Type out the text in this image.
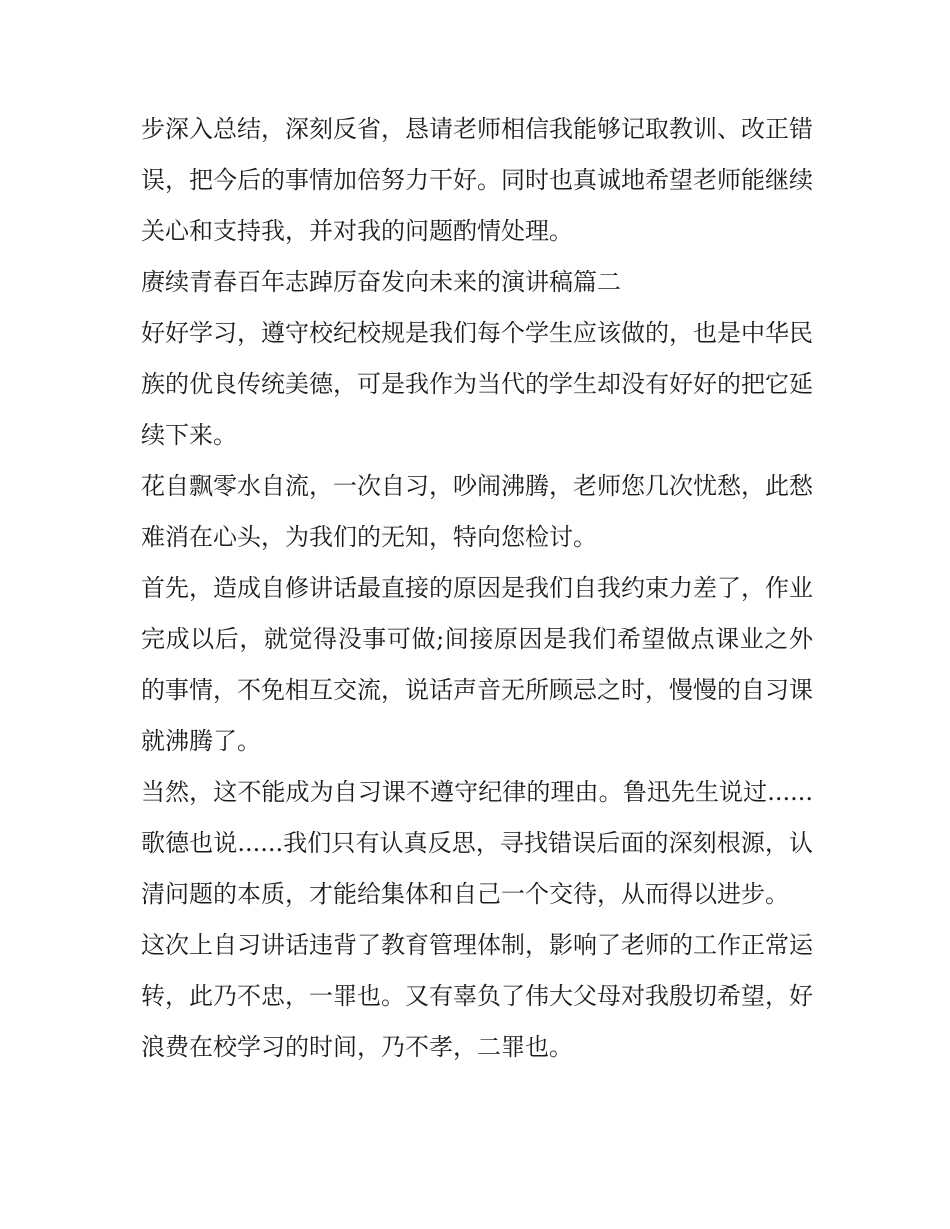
步深入总结，深刻反省，恳请老师相信我能够记取教训、改正错误，把今后的事情加倍努力干好。同时也真诚地希望老师能继续关心和支持我，并对我的问题酌情处理。

赓续青春百年志踔厉奋发向未来的演讲稿篇二

好好学习，遵守校纪校规是我们每个学生应该做的，也是中华民族的优良传统美德，可是我作为当代的学生却没有好好的把它延续下来。

花自飘零水自流，一次自习，吵闹沸腾，老师您几次忧愁，此愁难消在心头，为我们的无知，特向您检讨。

首先，造成自修讲话最直接的原因是我们自我约束力差了，作业完成以后，就觉得没事可做;间接原因是我们希望做点课业之外的事情，不免相互交流，说话声音无所顾忌之时，慢慢的自习课就沸腾了。

当然，这不能成为自习课不遵守纪律的理由。鲁迅先生说过......歌德也说......我们只有认真反思，寻找错误后面的深刻根源，认清问题的本质，才能给集体和自己一个交待，从而得以进步。

这次上自习讲话违背了教育管理体制，影响了老师的工作正常运转，此乃不忠，一罪也。又有辜负了伟大父母对我殷切希望，好浪费在校学习的时间，乃不孝，二罪也。
